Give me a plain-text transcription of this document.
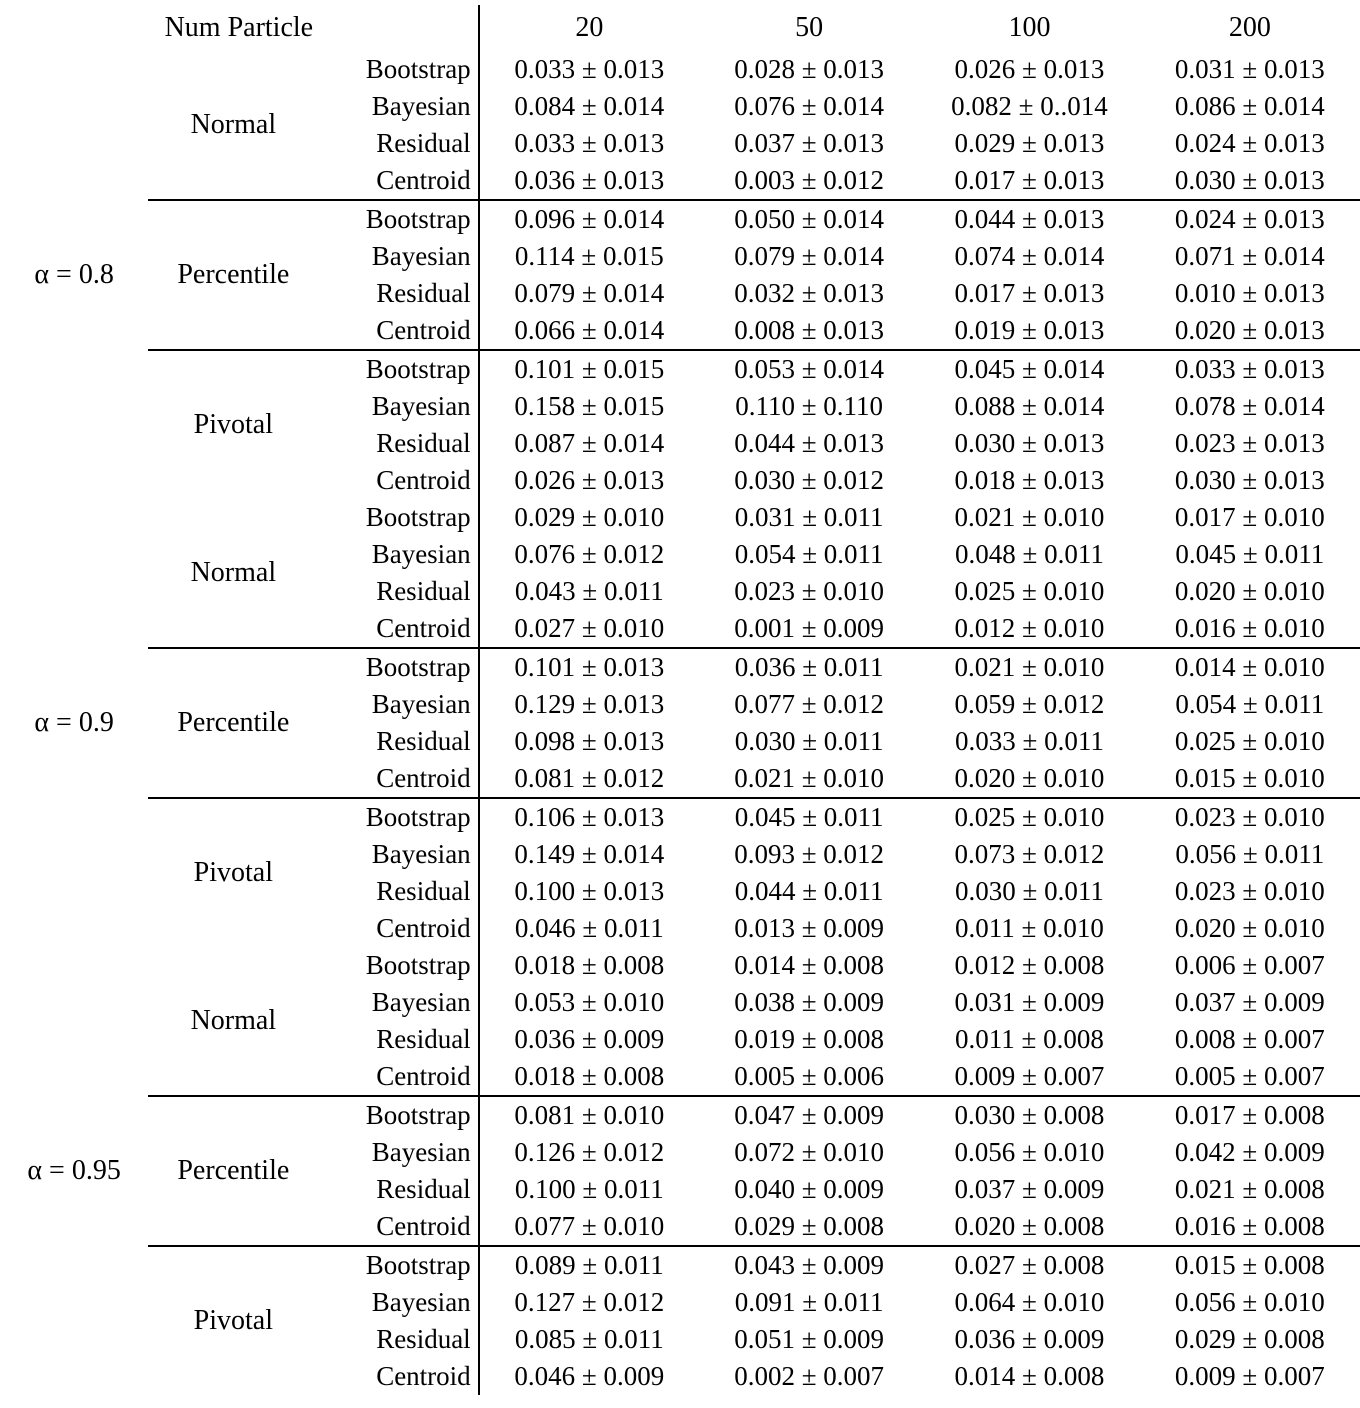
Num Particle			20	50	100	200

α = 0.8	Normal	Bootstrap	0.033 ± 0.013	0.028 ± 0.013	0.026 ± 0.013	0.031 ± 0.013
		Bayesian	0.084 ± 0.014	0.076 ± 0.014	0.082 ± 0..014	0.086 ± 0.014
		Residual	0.033 ± 0.013	0.037 ± 0.013	0.029 ± 0.013	0.024 ± 0.013
		Centroid	0.036 ± 0.013	0.003 ± 0.012	0.017 ± 0.013	0.030 ± 0.013
	Percentile	Bootstrap	0.096 ± 0.014	0.050 ± 0.014	0.044 ± 0.013	0.024 ± 0.013
		Bayesian	0.114 ± 0.015	0.079 ± 0.014	0.074 ± 0.014	0.071 ± 0.014
		Residual	0.079 ± 0.014	0.032 ± 0.013	0.017 ± 0.013	0.010 ± 0.013
		Centroid	0.066 ± 0.014	0.008 ± 0.013	0.019 ± 0.013	0.020 ± 0.013
	Pivotal	Bootstrap	0.101 ± 0.015	0.053 ± 0.014	0.045 ± 0.014	0.033 ± 0.013
		Bayesian	0.158 ± 0.015	0.110 ± 0.110	0.088 ± 0.014	0.078 ± 0.014
		Residual	0.087 ± 0.014	0.044 ± 0.013	0.030 ± 0.013	0.023 ± 0.013
		Centroid	0.026 ± 0.013	0.030 ± 0.012	0.018 ± 0.013	0.030 ± 0.013
α = 0.9	Normal	Bootstrap	0.029 ± 0.010	0.031 ± 0.011	0.021 ± 0.010	0.017 ± 0.010
		Bayesian	0.076 ± 0.012	0.054 ± 0.011	0.048 ± 0.011	0.045 ± 0.011
		Residual	0.043 ± 0.011	0.023 ± 0.010	0.025 ± 0.010	0.020 ± 0.010
		Centroid	0.027 ± 0.010	0.001 ± 0.009	0.012 ± 0.010	0.016 ± 0.010
	Percentile	Bootstrap	0.101 ± 0.013	0.036 ± 0.011	0.021 ± 0.010	0.014 ± 0.010
		Bayesian	0.129 ± 0.013	0.077 ± 0.012	0.059 ± 0.012	0.054 ± 0.011
		Residual	0.098 ± 0.013	0.030 ± 0.011	0.033 ± 0.011	0.025 ± 0.010
		Centroid	0.081 ± 0.012	0.021 ± 0.010	0.020 ± 0.010	0.015 ± 0.010
	Pivotal	Bootstrap	0.106 ± 0.013	0.045 ± 0.011	0.025 ± 0.010	0.023 ± 0.010
		Bayesian	0.149 ± 0.014	0.093 ± 0.012	0.073 ± 0.012	0.056 ± 0.011
		Residual	0.100 ± 0.013	0.044 ± 0.011	0.030 ± 0.011	0.023 ± 0.010
		Centroid	0.046 ± 0.011	0.013 ± 0.009	0.011 ± 0.010	0.020 ± 0.010
α = 0.95	Normal	Bootstrap	0.018 ± 0.008	0.014 ± 0.008	0.012 ± 0.008	0.006 ± 0.007
		Bayesian	0.053 ± 0.010	0.038 ± 0.009	0.031 ± 0.009	0.037 ± 0.009
		Residual	0.036 ± 0.009	0.019 ± 0.008	0.011 ± 0.008	0.008 ± 0.007
		Centroid	0.018 ± 0.008	0.005 ± 0.006	0.009 ± 0.007	0.005 ± 0.007
	Percentile	Bootstrap	0.081 ± 0.010	0.047 ± 0.009	0.030 ± 0.008	0.017 ± 0.008
		Bayesian	0.126 ± 0.012	0.072 ± 0.010	0.056 ± 0.010	0.042 ± 0.009
		Residual	0.100 ± 0.011	0.040 ± 0.009	0.037 ± 0.009	0.021 ± 0.008
		Centroid	0.077 ± 0.010	0.029 ± 0.008	0.020 ± 0.008	0.016 ± 0.008
	Pivotal	Bootstrap	0.089 ± 0.011	0.043 ± 0.009	0.027 ± 0.008	0.015 ± 0.008
		Bayesian	0.127 ± 0.012	0.091 ± 0.011	0.064 ± 0.010	0.056 ± 0.010
		Residual	0.085 ± 0.011	0.051 ± 0.009	0.036 ± 0.009	0.029 ± 0.008
		Centroid	0.046 ± 0.009	0.002 ± 0.007	0.014 ± 0.008	0.009 ± 0.007
